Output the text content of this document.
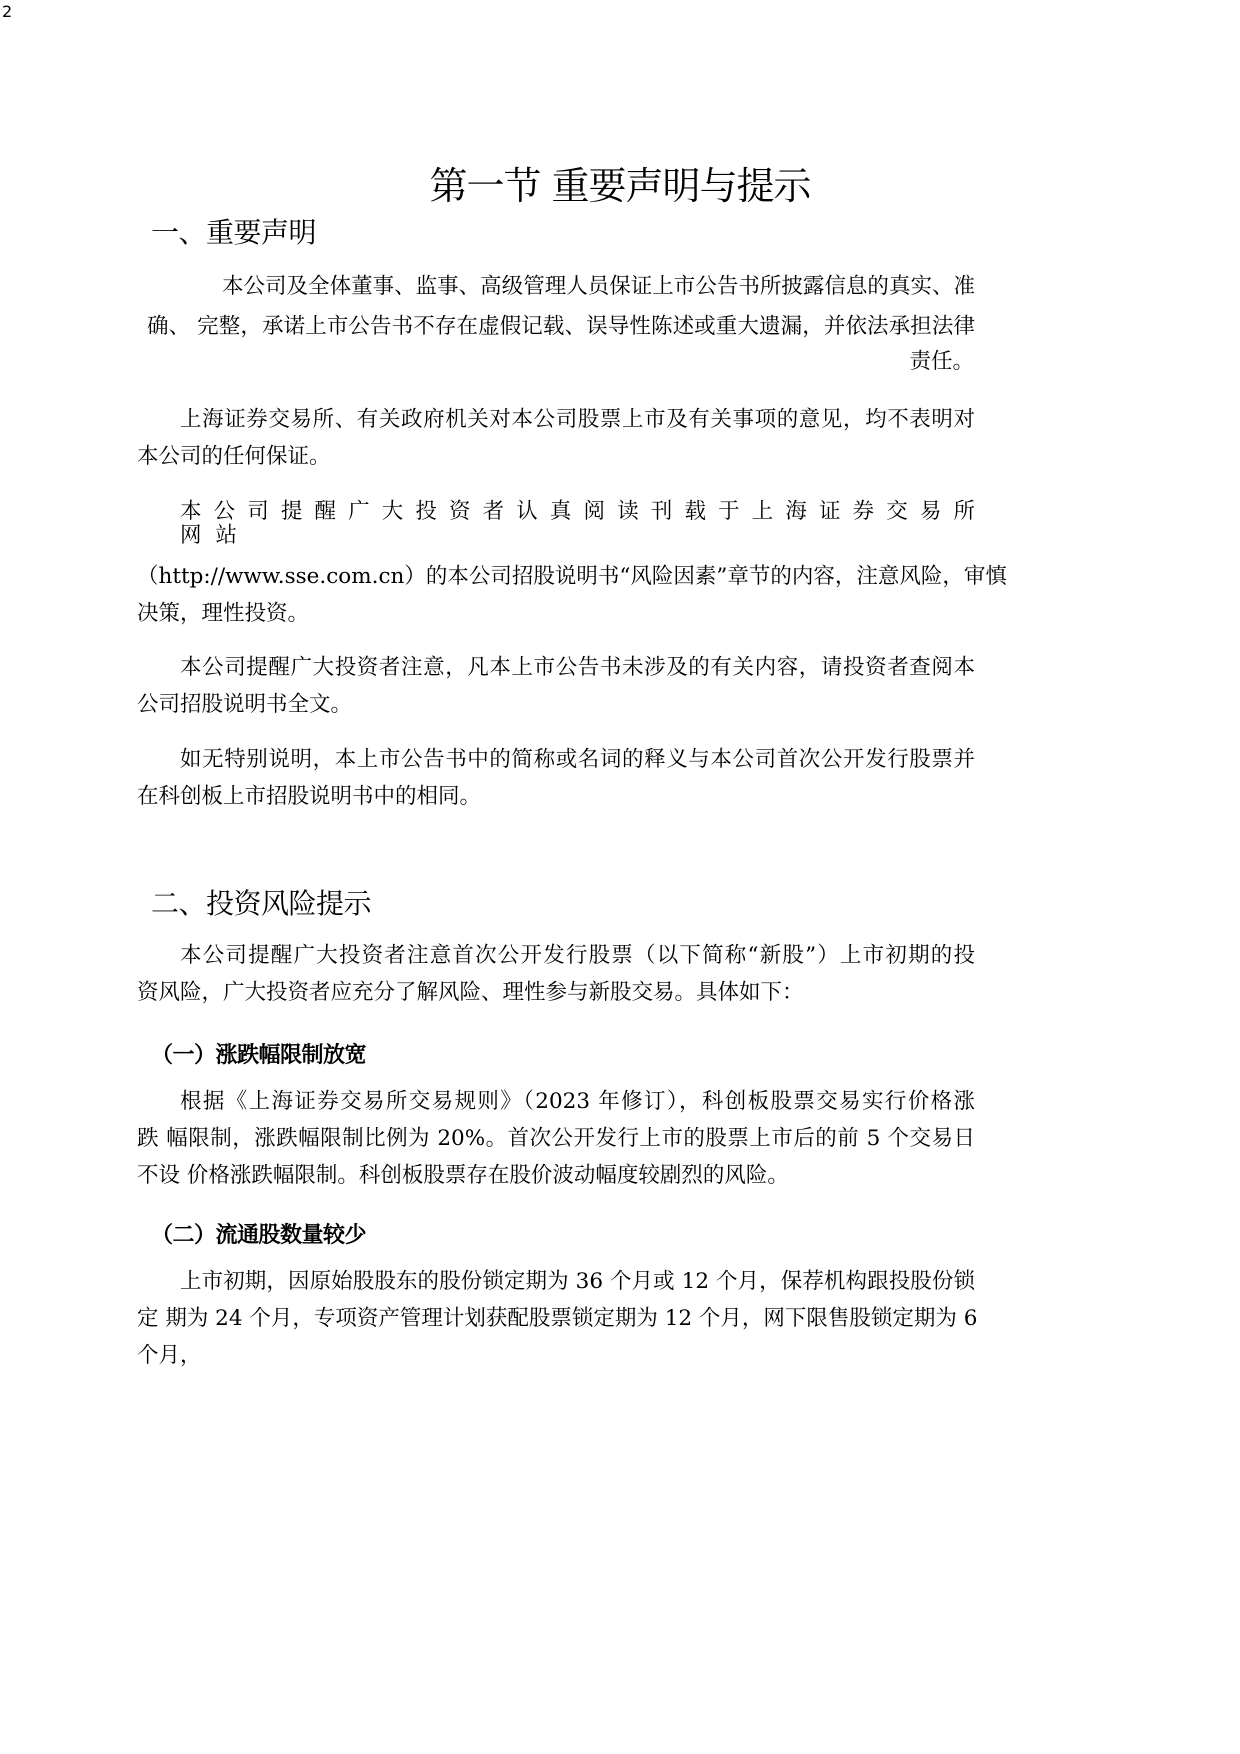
2
第一节 重要声明与提示
一、重要声明
本公司及全体董事、监事、高级管理人员保证上市公告书所披露信息的真实、准
确、 完整，承诺上市公告书不存在虚假记载、误导性陈述或重大遗漏，并依法承担法律
责任。
上海证券交易所、有关政府机关对本公司股票上市及有关事项的意见，均不表明对
本公司的任何保证。
本公司提醒广大投资者认真阅读刊载于上海证券交易所
网站
（http://www.sse.com.cn）的本公司招股说明书“风险因素”章节的内容，注意风险，审慎
决策，理性投资。
本公司提醒广大投资者注意，凡本上市公告书未涉及的有关内容，请投资者查阅本
公司招股说明书全文。
如无特别说明，本上市公告书中的简称或名词的释义与本公司首次公开发行股票并
在科创板上市招股说明书中的相同。
二、投资风险提示
本公司提醒广大投资者注意首次公开发行股票（以下简称“新股”）上市初期的投
资风险，广大投资者应充分了解风险、理性参与新股交易。具体如下：
（一）涨跌幅限制放宽
根据《上海证券交易所交易规则》（2023 年修订），科创板股票交易实行价格涨
跌 幅限制，涨跌幅限制比例为 20%。首次公开发行上市的股票上市后的前 5 个交易日
不设 价格涨跌幅限制。科创板股票存在股价波动幅度较剧烈的风险。
（二）流通股数量较少
上市初期，因原始股股东的股份锁定期为 36 个月或 12 个月，保荐机构跟投股份锁
定 期为 24 个月，专项资产管理计划获配股票锁定期为 12 个月，网下限售股锁定期为 6
个月，
